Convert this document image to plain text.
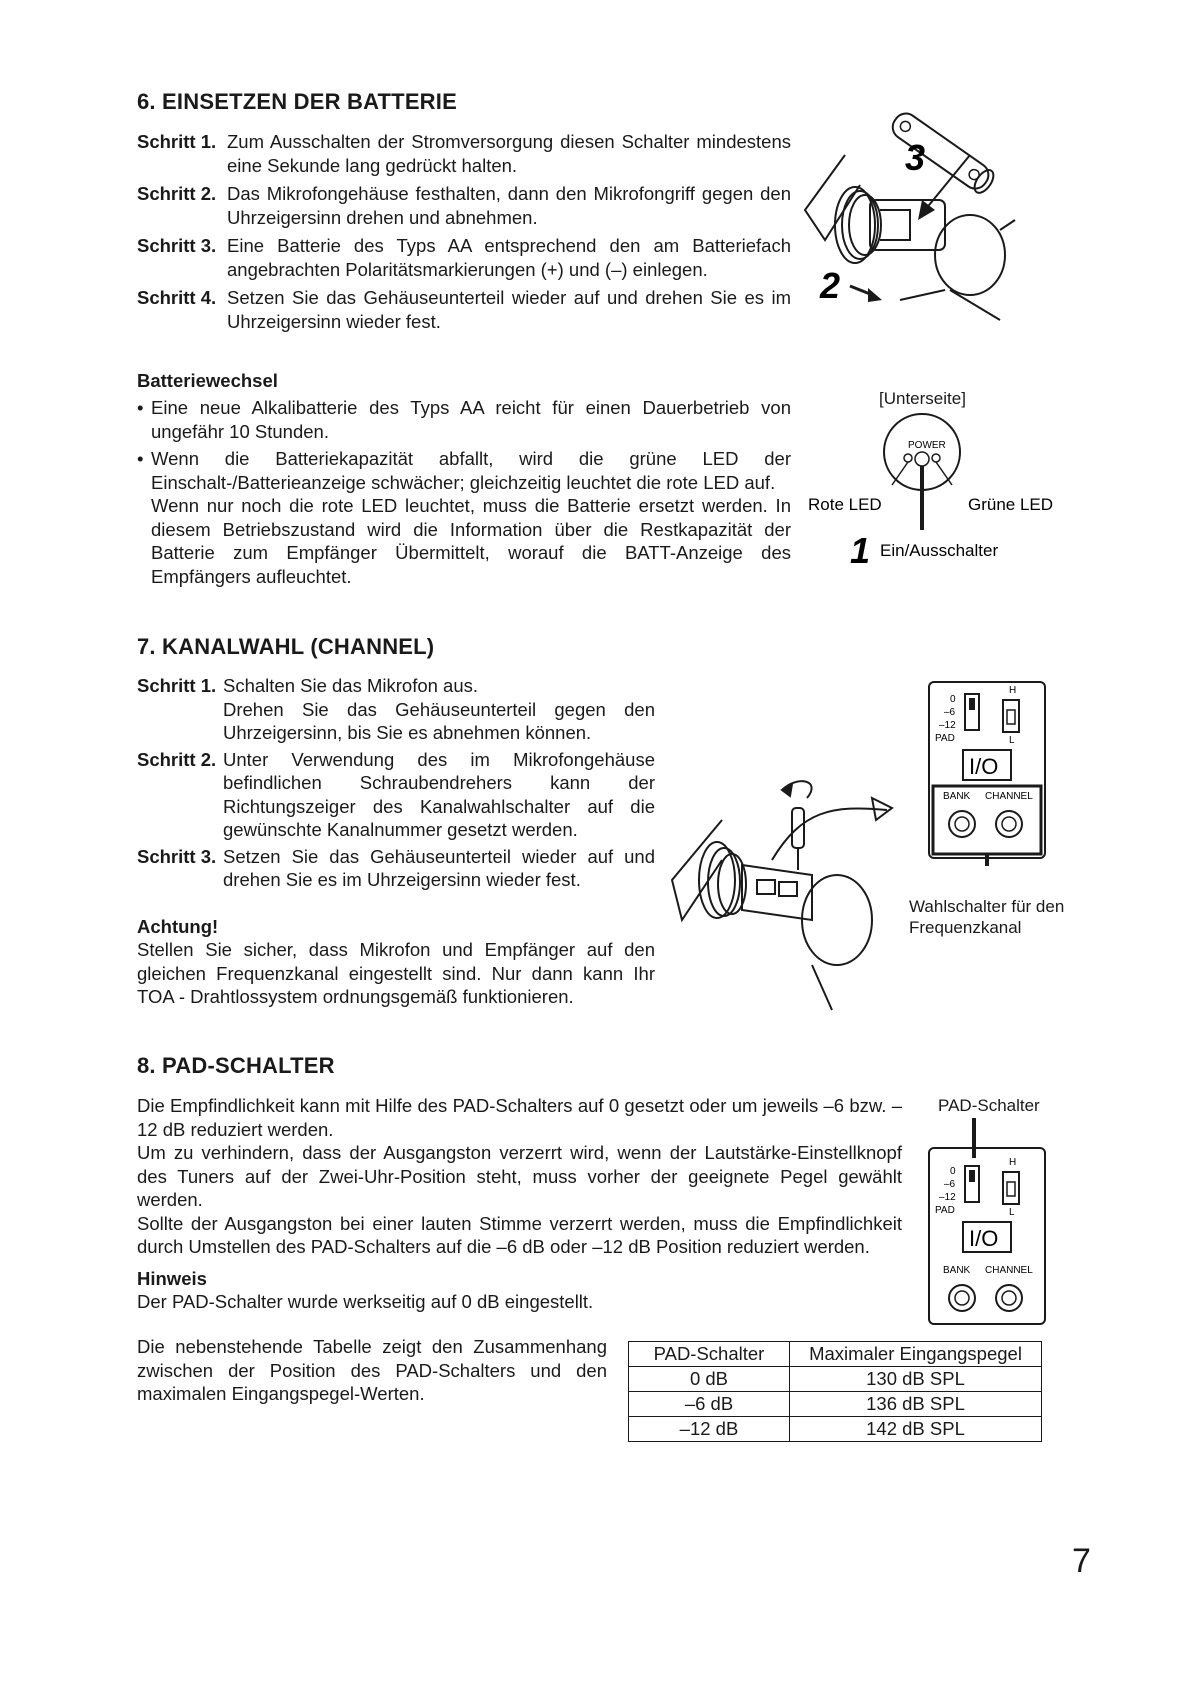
6. EINSETZEN DER BATTERIE
Schritt 1. Zum Ausschalten der Stromversorgung diesen Schalter mindestens eine Sekunde lang gedrückt halten.
Schritt 2. Das Mikrofongehäuse festhalten, dann den Mikrofongriff gegen den Uhrzeigersinn drehen und abnehmen.
Schritt 3. Eine Batterie des Typs AA entsprechend den am Batteriefach angebrachten Polaritätsmarkierungen (+) und (–) einlegen.
Schritt 4. Setzen Sie das Gehäuseunterteil wieder auf und drehen Sie es im Uhrzeigersinn wieder fest.
3
2
Batteriewechsel
• Eine neue Alkalibatterie des Typs AA reicht für einen Dauerbetrieb von ungefähr 10 Stunden.
• Wenn die Batteriekapazität abfallt, wird die grüne LED der Einschalt-/Batterieanzeige schwächer; gleichzeitig leuchtet die rote LED auf.
Wenn nur noch die rote LED leuchtet, muss die Batterie ersetzt werden. In diesem Betriebszustand wird die Information über die Restkapazität der Batterie zum Empfänger Übermittelt, worauf die BATT-Anzeige des Empfängers aufleuchtet.
[Unterseite]
POWER
Rote LED	Grüne LED
1 Ein/Ausschalter
7. KANALWAHL (CHANNEL)
Schritt 1. Schalten Sie das Mikrofon aus.
Drehen Sie das Gehäuseunterteil gegen den Uhrzeigersinn, bis Sie es abnehmen können.
Schritt 2. Unter Verwendung des im Mikrofongehäuse befindlichen Schraubendrehers kann der Richtungszeiger des Kanalwahlschalter auf die gewünschte Kanalnummer gesetzt werden.
Schritt 3. Setzen Sie das Gehäuseunterteil wieder auf und drehen Sie es im Uhrzeigersinn wieder fest.
Achtung!
Stellen Sie sicher, dass Mikrofon und Empfänger auf den gleichen Frequenzkanal eingestellt sind. Nur dann kann Ihr TOA - Drahtlossystem ordnungsgemäß funktionieren.
0
–6
–12
PAD
H
L
I/O
BANK CHANNEL
Wahlschalter für den Frequenzkanal
8. PAD-SCHALTER
Die Empfindlichkeit kann mit Hilfe des PAD-Schalters auf 0 gesetzt oder um jeweils –6 bzw. –12 dB reduziert werden.
Um zu verhindern, dass der Ausgangston verzerrt wird, wenn der Lautstärke-Einstellknopf des Tuners auf der Zwei-Uhr-Position steht, muss vorher der geeignete Pegel gewählt werden.
Sollte der Ausgangston bei einer lauten Stimme verzerrt werden, muss die Empfindlichkeit durch Umstellen des PAD-Schalters auf die –6 dB oder –12 dB Position reduziert werden.
Hinweis
Der PAD-Schalter wurde werkseitig auf 0 dB eingestellt.
Die nebenstehende Tabelle zeigt den Zusammenhang zwischen der Position des PAD-Schalters und den maximalen Eingangspegel-Werten.
PAD-Schalter
0
–6
–12
PAD
H
L
I/O
BANK CHANNEL
PAD-Schalter	Maximaler Eingangspegel
0 dB	130 dB SPL
–6 dB	136 dB SPL
–12 dB	142 dB SPL
7
